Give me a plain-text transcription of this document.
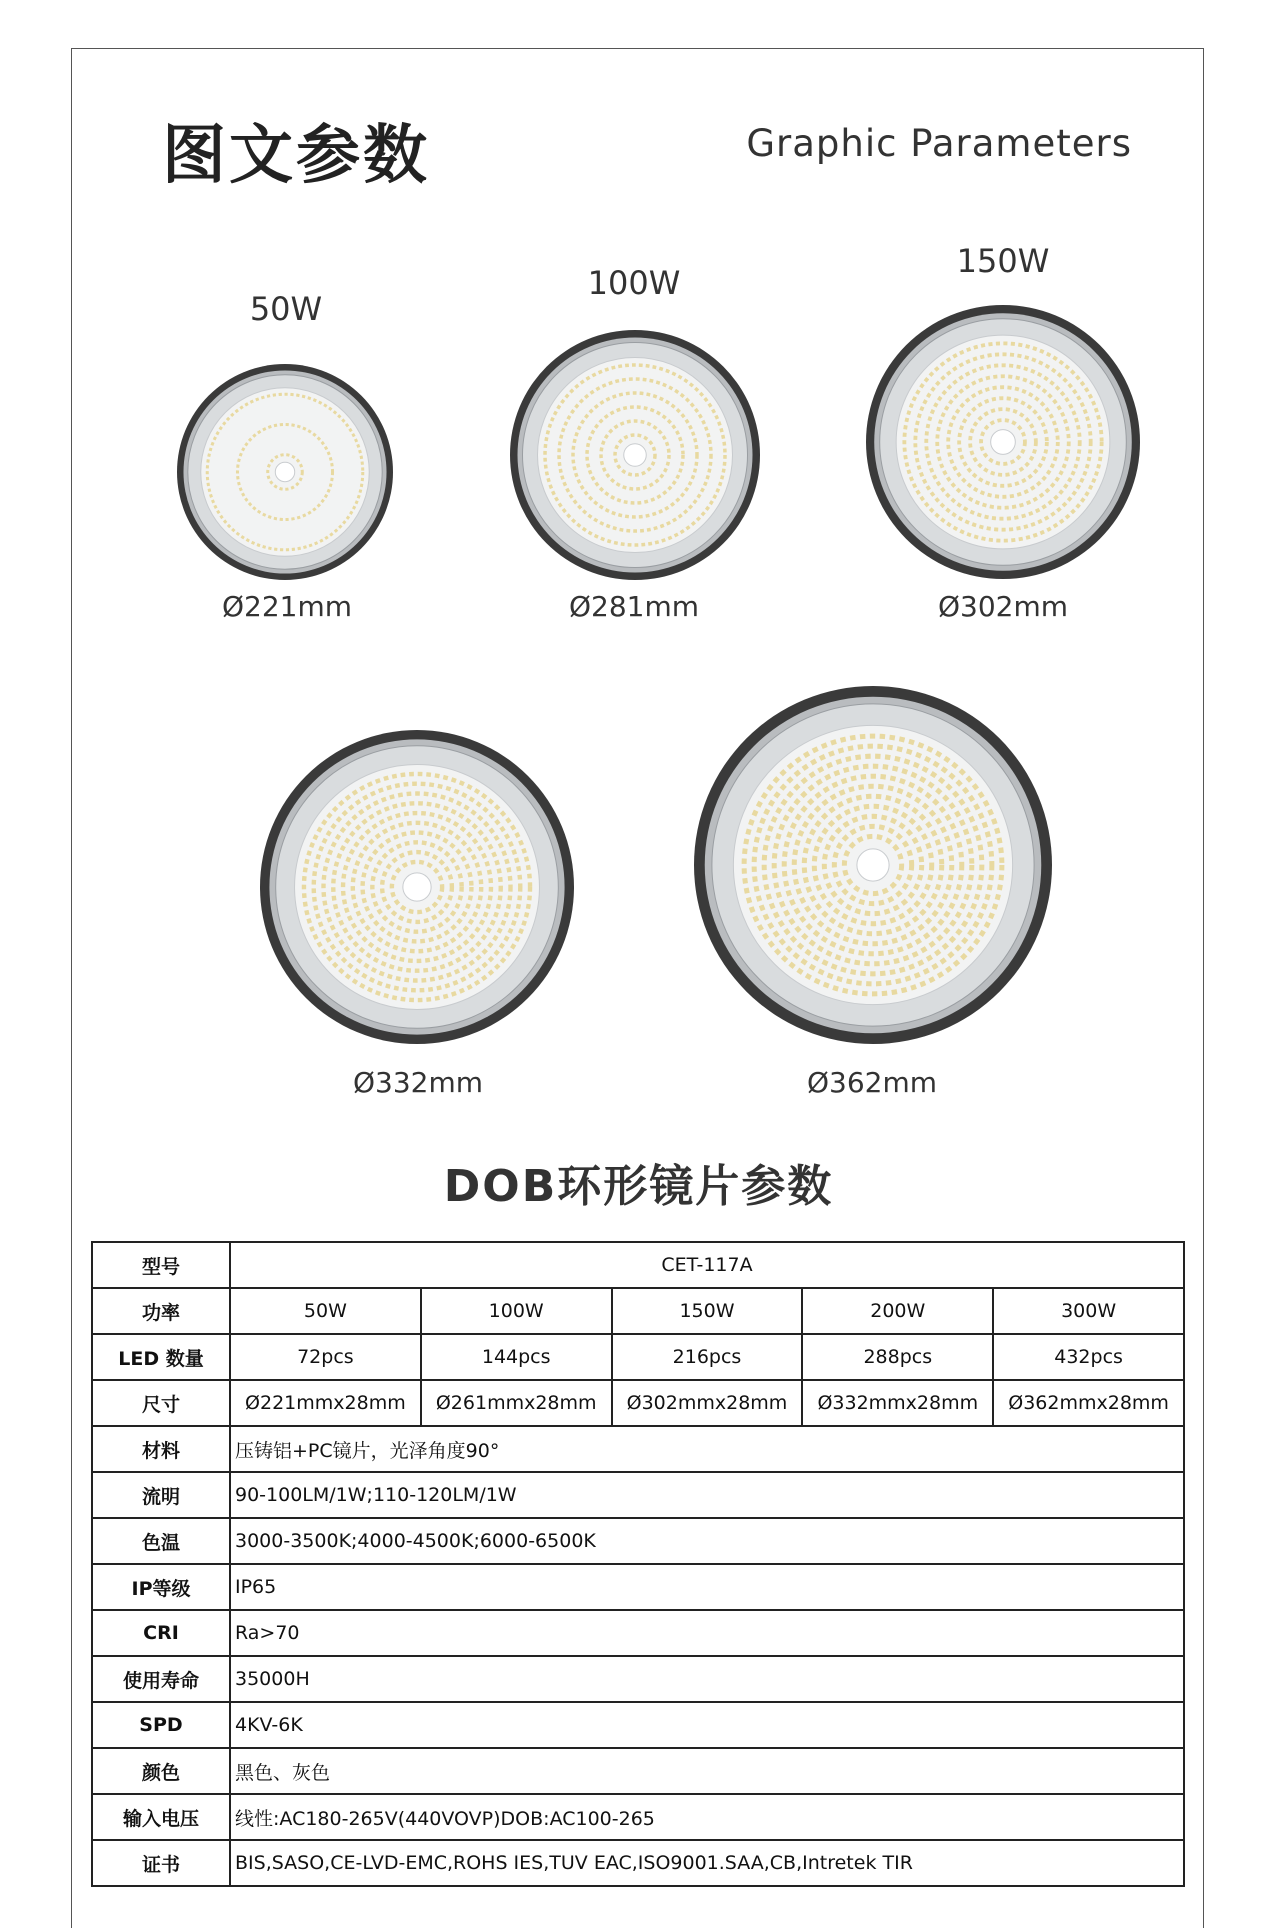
图文参数	Graphic Parameters
50W
Ø221mm
100W
Ø281mm
150W
Ø302mm
Ø332mm	Ø362mm
DOB环形镜片参数
型号	CET-117A				
功率	50W	100W	150W	200W	300W
LED 数量	72pcs	144pcs	216pcs	288pcs	432pcs
尺寸	Ø221mmx28mm	Ø261mmx28mm	Ø302mmx28mm	Ø332mmx28mm	Ø362mmx28mm
材料	压铸铝+PC镜片，光泽角度90°				
流明	90-100LM/1W;110-120LM/1W				
色温	3000-3500K;4000-4500K;6000-6500K				
IP等级	IP65				
CRI	Ra>70				
使用寿命	35000H				
SPD	4KV-6K				
颜色	黑色、灰色				
输入电压	线性:AC180-265V(440VOVP)DOB:AC100-265				
证书	BIS,SASO,CE-LVD-EMC,ROHS IES,TUV EAC,ISO9001.SAA,CB,Intretek TIR				
